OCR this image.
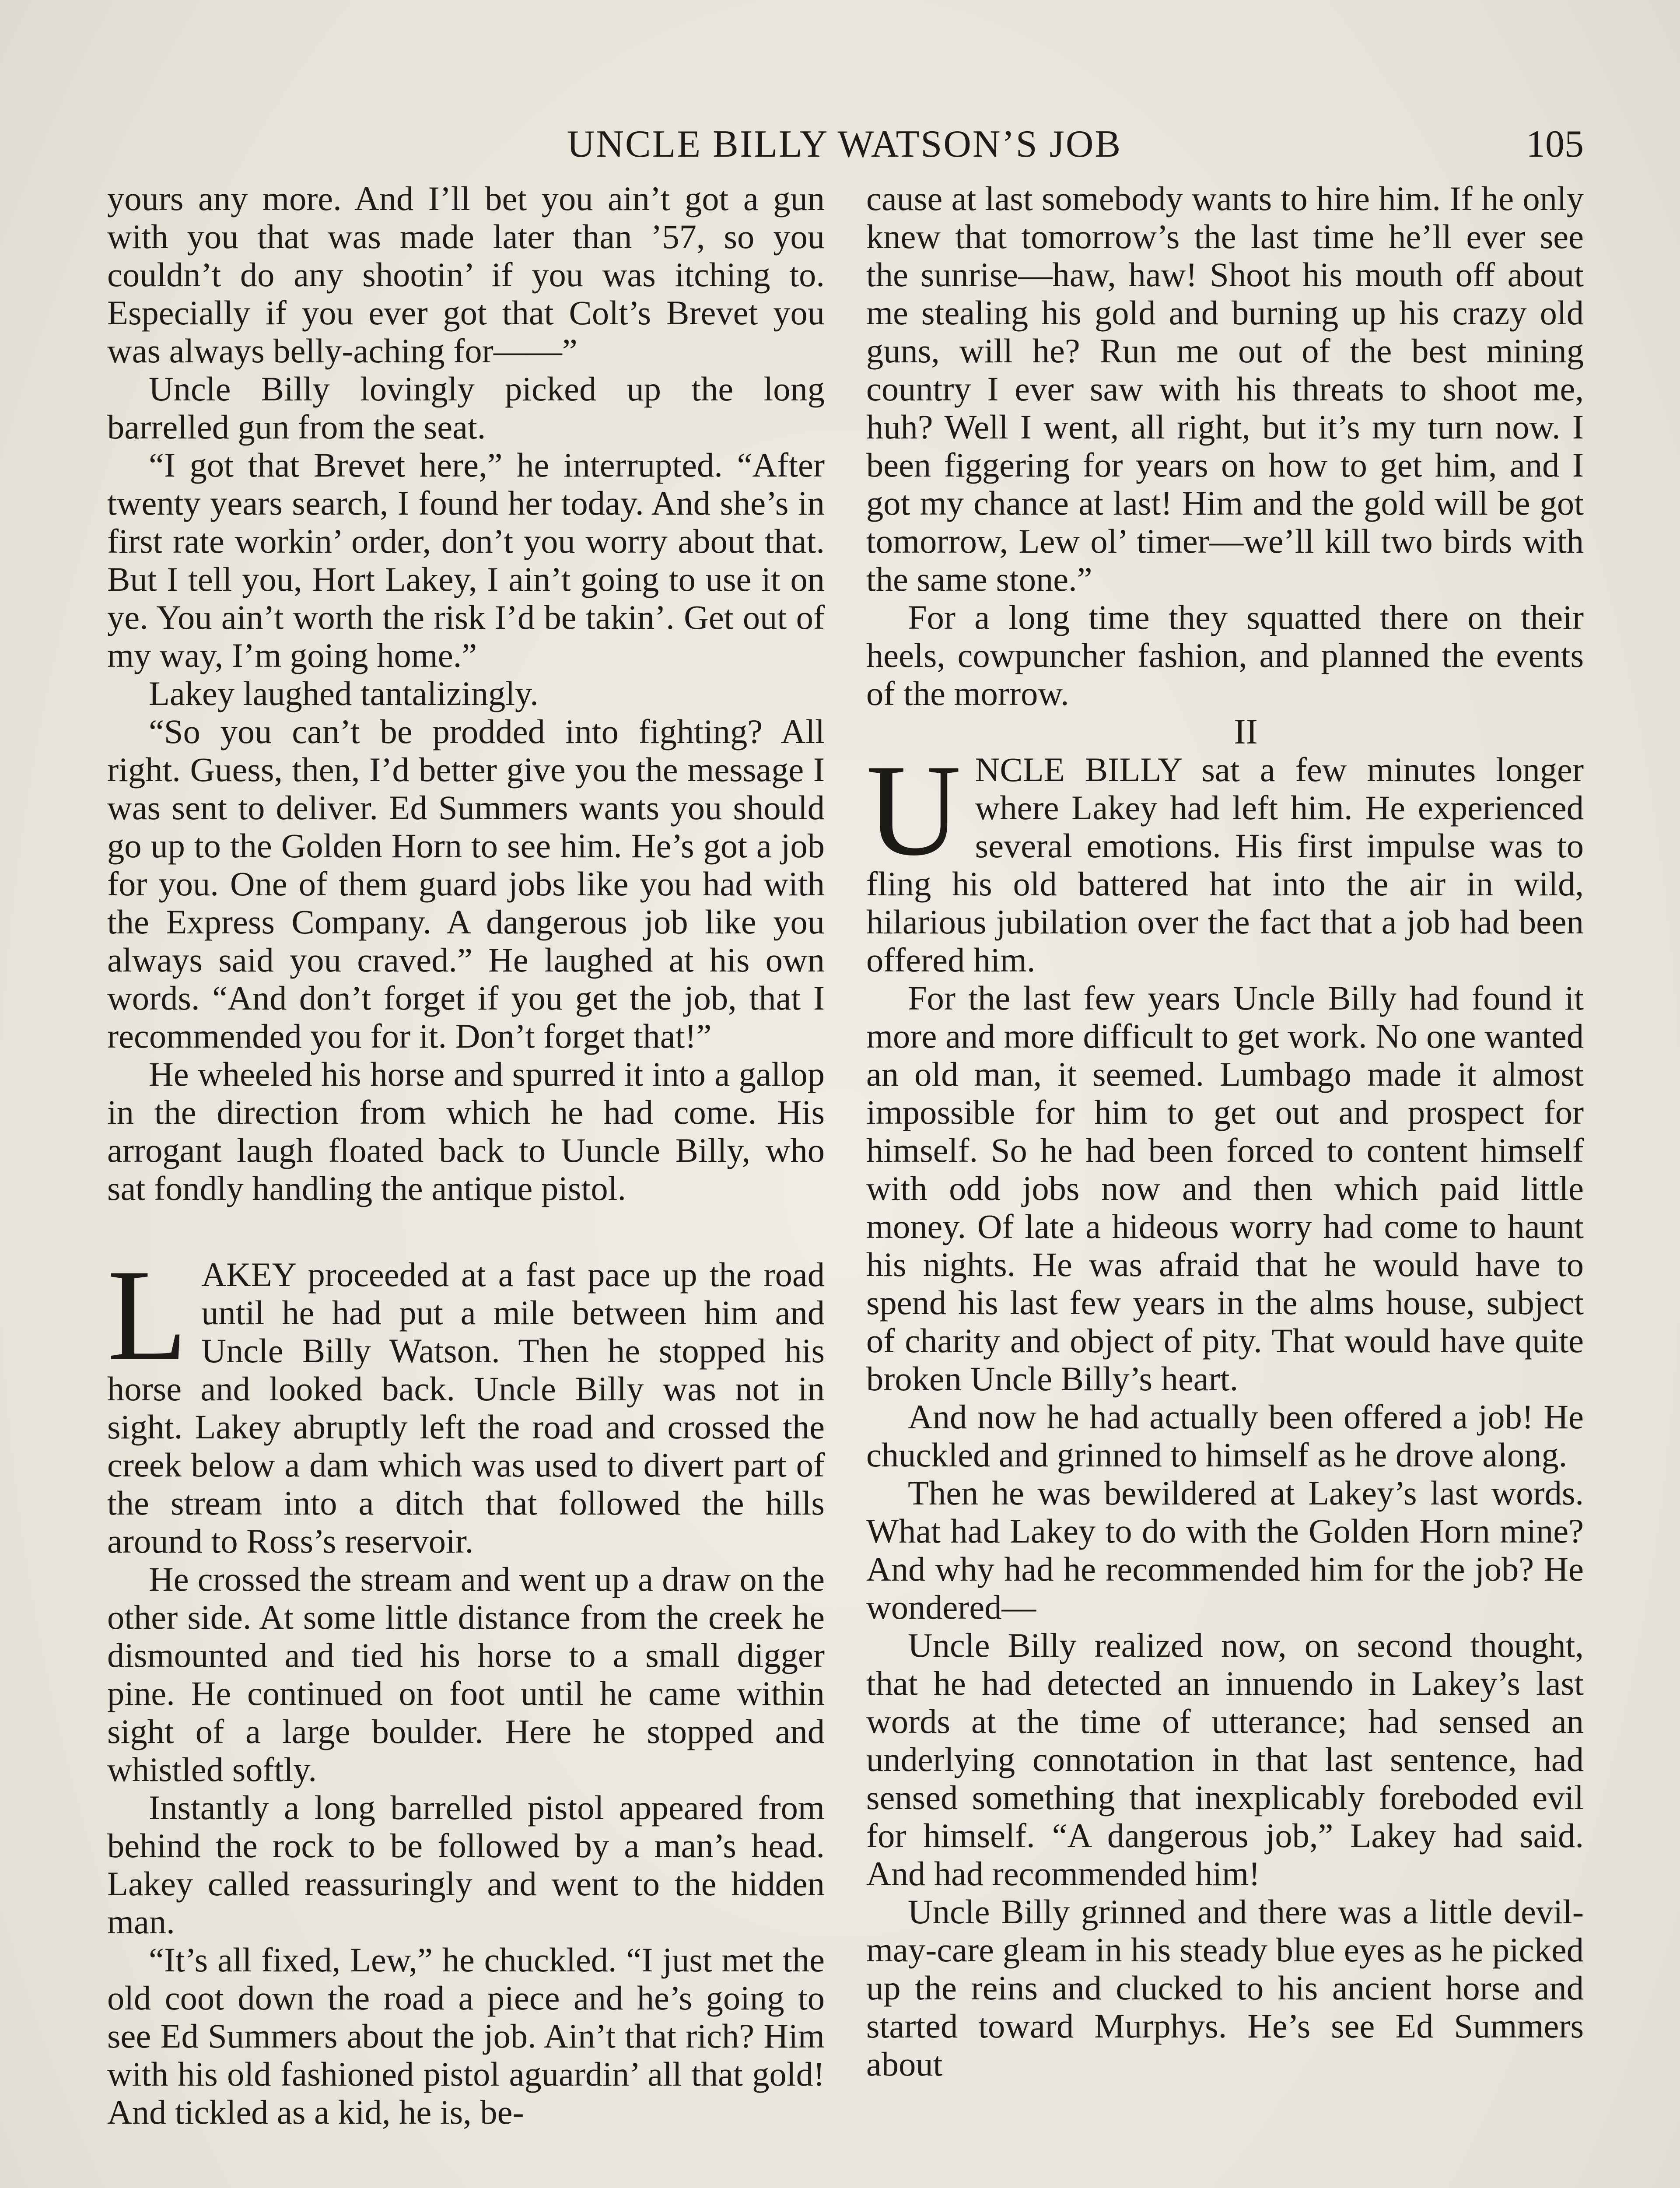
UNCLE BILLY WATSON’S JOB	105

yours any more. And I’ll bet you ain’t got a gun with you that was made later than ’57, so you couldn’t do any shootin’ if you was itching to. Especially if you ever got that Colt’s Brevet you was always belly-aching for——”

Uncle Billy lovingly picked up the long barrelled gun from the seat.

“I got that Brevet here,” he interrupted. “After twenty years search, I found her today. And she’s in first rate workin’ order, don’t you worry about that. But I tell you, Hort Lakey, I ain’t going to use it on ye. You ain’t worth the risk I’d be takin’. Get out of my way, I’m going home.”

Lakey laughed tantalizingly.

“So you can’t be prodded into fighting? All right. Guess, then, I’d better give you the message I was sent to deliver. Ed Summers wants you should go up to the Golden Horn to see him. He’s got a job for you. One of them guard jobs like you had with the Express Company. A dangerous job like you always said you craved.” He laughed at his own words. “And don’t forget if you get the job, that I recommended you for it. Don’t forget that!”

He wheeled his horse and spurred it into a gallop in the direction from which he had come. His arrogant laugh floated back to Uuncle Billy, who sat fondly handling the antique pistol.

LAKEY proceeded at a fast pace up the road until he had put a mile between him and Uncle Billy Watson. Then he stopped his horse and looked back. Uncle Billy was not in sight. Lakey abruptly left the road and crossed the creek below a dam which was used to divert part of the stream into a ditch that followed the hills around to Ross’s reservoir.

He crossed the stream and went up a draw on the other side. At some little distance from the creek he dismounted and tied his horse to a small digger pine. He continued on foot until he came within sight of a large boulder. Here he stopped and whistled softly.

Instantly a long barrelled pistol appeared from behind the rock to be followed by a man’s head. Lakey called reassuringly and went to the hidden man.

“It’s all fixed, Lew,” he chuckled. “I just met the old coot down the road a piece and he’s going to see Ed Summers about the job. Ain’t that rich? Him with his old fashioned pistol aguardin’ all that gold! And tickled as a kid, he is, be-

cause at last somebody wants to hire him. If he only knew that tomorrow’s the last time he’ll ever see the sunrise—haw, haw! Shoot his mouth off about me stealing his gold and burning up his crazy old guns, will he? Run me out of the best mining country I ever saw with his threats to shoot me, huh? Well I went, all right, but it’s my turn now. I been figgering for years on how to get him, and I got my chance at last! Him and the gold will be got tomorrow, Lew ol’ timer—we’ll kill two birds with the same stone.”

For a long time they squatted there on their heels, cowpuncher fashion, and planned the events of the morrow.

II

UNCLE BILLY sat a few minutes longer where Lakey had left him. He experienced several emotions. His first impulse was to fling his old battered hat into the air in wild, hilarious jubilation over the fact that a job had been offered him.

For the last few years Uncle Billy had found it more and more difficult to get work. No one wanted an old man, it seemed. Lumbago made it almost impossible for him to get out and prospect for himself. So he had been forced to content himself with odd jobs now and then which paid little money. Of late a hideous worry had come to haunt his nights. He was afraid that he would have to spend his last few years in the alms house, subject of charity and object of pity. That would have quite broken Uncle Billy’s heart.

And now he had actually been offered a job! He chuckled and grinned to himself as he drove along.

Then he was bewildered at Lakey’s last words. What had Lakey to do with the Golden Horn mine? And why had he recommended him for the job? He wondered—

Uncle Billy realized now, on second thought, that he had detected an innuendo in Lakey’s last words at the time of utterance; had sensed an underlying connotation in that last sentence, had sensed something that inexplicably foreboded evil for himself. “A dangerous job,” Lakey had said. And had recommended him!

Uncle Billy grinned and there was a little devil-may-care gleam in his steady blue eyes as he picked up the reins and clucked to his ancient horse and started toward Murphys. He’s see Ed Summers about
